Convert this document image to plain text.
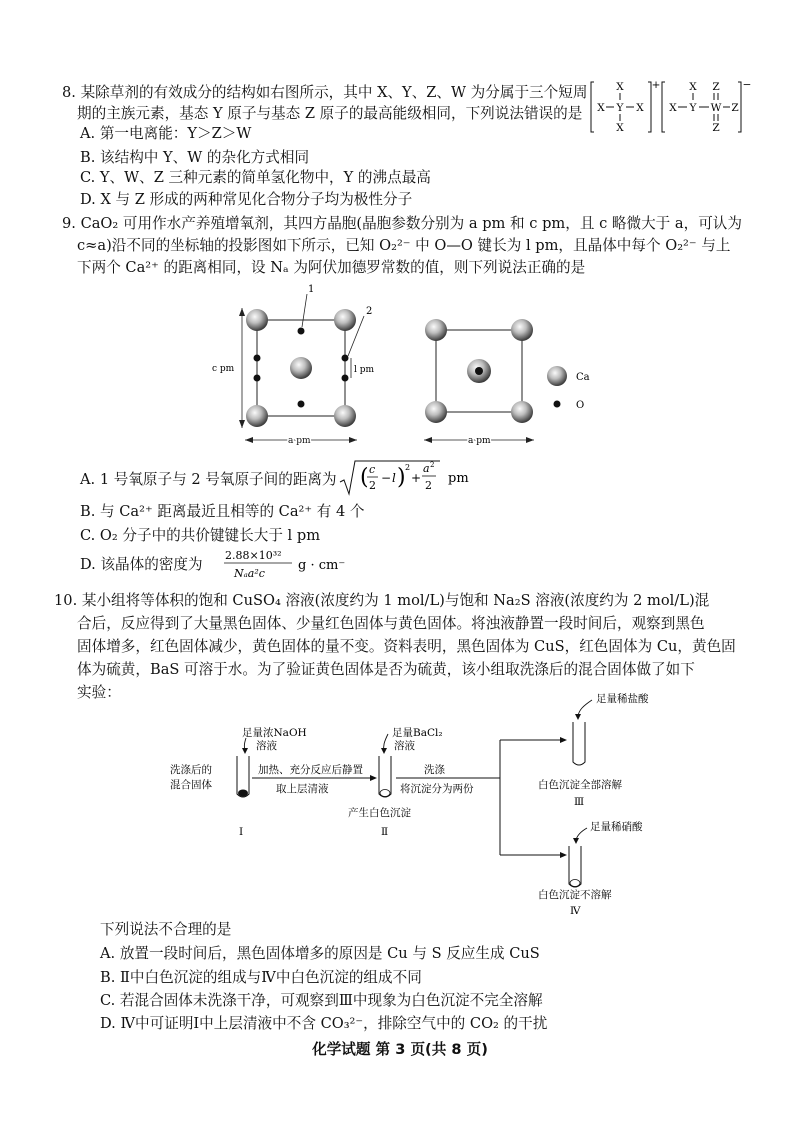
8. 某除草剂的有效成分的结构如右图所示，其中 X、Y、Z、W 为分属于三个短周
期的主族元素，基态 Y 原子与基态 Z 原子的最高能级相同，下列说法错误的是
A. 第一电离能：Y＞Z＞W
B. 该结构中 Y、W 的杂化方式相同
C. Y、W、Z 三种元素的简单氢化物中，Y 的沸点最高
D. X 与 Z 形成的两种常见化合物分子均为极性分子
+
X
X Y X
X
−
X Z
X Y W Z
Z
9. CaO₂ 可用作水产养殖增氧剂，其四方晶胞(晶胞参数分别为 a pm 和 c pm，且 c 略微大于 a，可认为
c≈a)沿不同的坐标轴的投影图如下所示，已知 O₂²⁻ 中 O—O 键长为 l pm，且晶体中每个 O₂²⁻ 与上
下两个 Ca²⁺ 的距离相同，设 Nₐ 为阿伏加德罗常数的值，则下列说法正确的是
1
2
c pm	l pm
a pm	a pm
Ca
O
A. 1 号氧原子与 2 号氧原子间的距离为 ( c
2
− l ) 2
+
a 2
2 pm
B. 与 Ca²⁺ 距离最近且相等的 Ca²⁺ 有 4 个
C. O₂ 分子中的共价键键长大于 l pm
D. 该晶体的密度为
2.88×10³²
Nₐa²c
g · cm⁻
10. 某小组将等体积的饱和 CuSO₄ 溶液(浓度约为 1 mol/L)与饱和 Na₂S 溶液(浓度约为 2 mol/L)混
合后，反应得到了大量黑色固体、少量红色固体与黄色固体。将浊液静置一段时间后，观察到黑色
固体增多，红色固体减少，黄色固体的量不变。资料表明，黑色固体为 CuS，红色固体为 Cu，黄色固
体为硫黄，BaS 可溶于水。为了验证黄色固体是否为硫黄，该小组取洗涤后的混合固体做了如下
实验：
足量浓NaOH
溶液
洗涤后的
混合固体
Ⅰ
加热、充分反应后静置
取上层清液
足量BaCl₂
溶液
产生白色沉淀
Ⅱ
洗涤
将沉淀分为两份
足量稀盐酸
白色沉淀全部溶解
Ⅲ
足量稀硝酸
白色沉淀不溶解
Ⅳ
下列说法不合理的是
A. 放置一段时间后，黑色固体增多的原因是 Cu 与 S 反应生成 CuS
B. Ⅱ中白色沉淀的组成与Ⅳ中白色沉淀的组成不同
C. 若混合固体未洗涤干净，可观察到Ⅲ中现象为白色沉淀不完全溶解
D. Ⅳ中可证明Ⅰ中上层清液中不含 CO₃²⁻，排除空气中的 CO₂ 的干扰
化学试题 第 3 页(共 8 页)
